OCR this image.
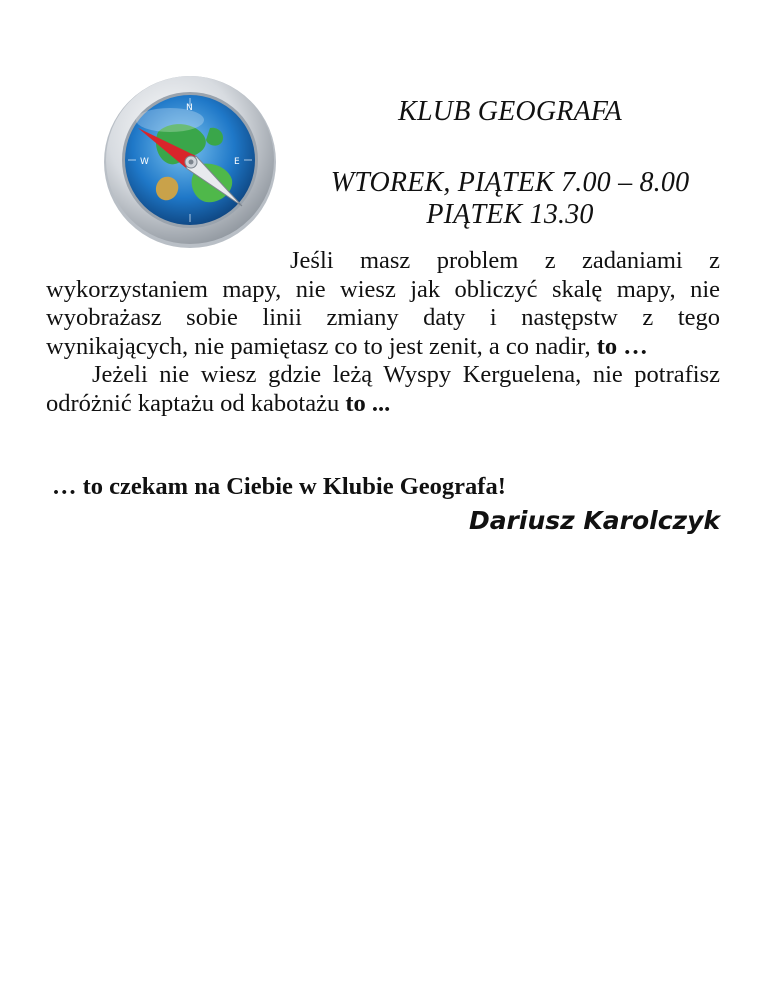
N
E
W
KLUB GEOGRAFA
WTOREK, PIĄTEK 7.00 – 8.00
PIĄTEK 13.30

Jeśli masz problem z zadaniami z wykorzystaniem mapy, nie wiesz jak obliczyć skalę mapy, nie wyobrażasz sobie linii zmiany daty i następstw z tego wynikających, nie pamiętasz co to jest zenit, a co nadir, to …

Jeżeli nie wiesz gdzie leżą Wyspy Kerguelena, nie potrafisz odróżnić kaptażu od kabotażu to ...

… to czekam na Ciebie w Klubie Geografa!
Dariusz Karolczyk
